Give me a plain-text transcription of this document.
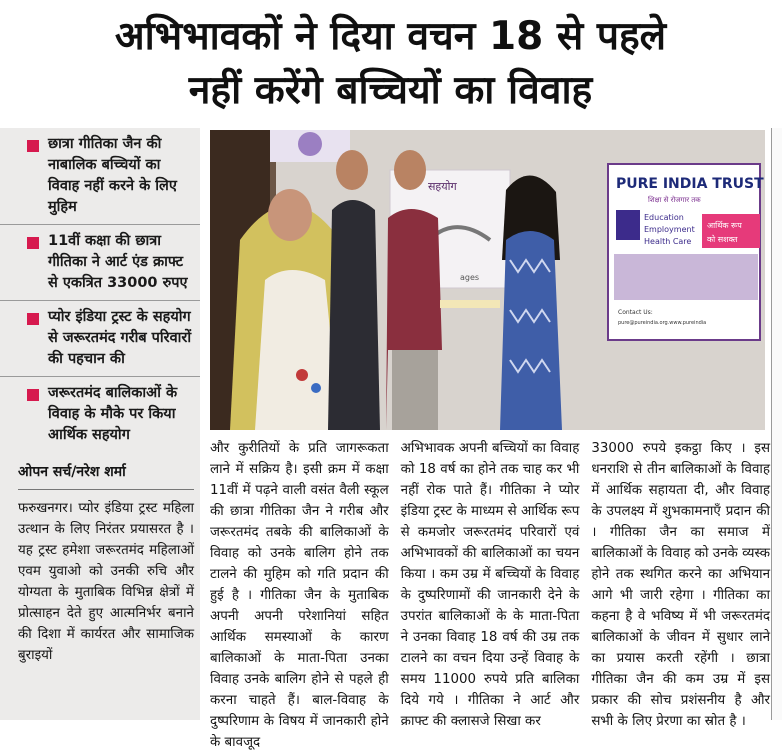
अभिभावकों ने दिया वचन 18 से पहले
नहीं करेंगे बच्चियों का विवाह
छात्रा गीतिका जैन की नाबालिक बच्चियों का विवाह नहीं करने के लिए मुहिम
11वीं कक्षा की छात्रा गीतिका ने आर्ट एंड क्राफ्ट से एकत्रित 33000 रुपए
प्योर इंडिया ट्रस्ट के सहयोग से जरूरतमंद गरीब परिवारों की पहचान की
जरूरतमंद बालिकाओं के विवाह के मौके पर किया आर्थिक सहयोग
ओपन सर्च/नरेश शर्मा
फरुखनगर। प्योर इंडिया ट्रस्ट महिला उत्थान के लिए निरंतर प्रयासरत है । यह ट्रस्ट हमेशा जरूरतमंद महिलाओं एवम युवाओ को उनकी रुचि और योग्यता के मुताबिक विभिन्न क्षेत्रों में प्रोत्साहन देते हुए आत्मनिर्भर बनाने की दिशा में कार्यरत और सामाजिक बुराइयों
सहयोग
ages
PURE INDIA TRUST
शिक्षा से रोजगार तक
Education
Employment
Health Care
आर्थिक रूप
को सशक्त
Contact Us:
pure@pureindia.org.www.pureindia
और कुरीतियों के प्रति जागरूकता लाने में सक्रिय है। इसी क्रम में कक्षा 11वीं में पढ़ने वाली वसंत वैली स्कूल की छात्रा गीतिका जैन ने गरीब और जरूरतमंद तबके की बालिकाओं के विवाह को उनके बालिग होने तक टालने की मुहिम को गति प्रदान की हुई है । गीतिका जैन के मुताबिक अपनी अपनी परेशानियां सहित आर्थिक समस्याओं के कारण बालिकाओं के माता-पिता उनका विवाह उनके बालिग होने से पहले ही करना चाहते हैं। बाल-विवाह के दुष्परिणाम के विषय में जानकारी होने के बावजूद
अभिभावक अपनी बच्चियों का विवाह को 18 वर्ष का होने तक चाह कर भी नहीं रोक पाते हैं। गीतिका ने प्योर इंडिया ट्रस्ट के माध्यम से आर्थिक रूप से कमजोर जरूरतमंद परिवारों एवं अभिभावकों की बालिकाओं का चयन किया । कम उम्र में बच्चियों के विवाह के दुष्परिणामों की जानकारी देने के उपरांत बालिकाओं के के माता-पिता ने उनका विवाह 18 वर्ष की उम्र तक टालने का वचन दिया उन्हें विवाह के समय 11000 रुपये प्रति बालिका दिये गये । गीतिका ने आर्ट और क्राफ्ट की क्लासजे सिखा कर
33000 रुपये इकट्ठा किए । इस धनराशि से तीन बालिकाओं के विवाह में आर्थिक सहायता दी, और विवाह के उपलक्ष्य में शुभकामनाएँ प्रदान की । गीतिका जैन का समाज में बालिकाओं के विवाह को उनके व्यस्क होने तक स्थगित करने का अभियान आगे भी जारी रहेगा । गीतिका का कहना है वे भविष्य में भी जरूरतमंद बालिकाओं के जीवन में सुधार लाने का प्रयास करती रहेंगी । छात्रा गीतिका जैन की कम उम्र में इस प्रकार की सोच प्रशंसनीय है और सभी के लिए प्रेरणा का स्रोत है ।
